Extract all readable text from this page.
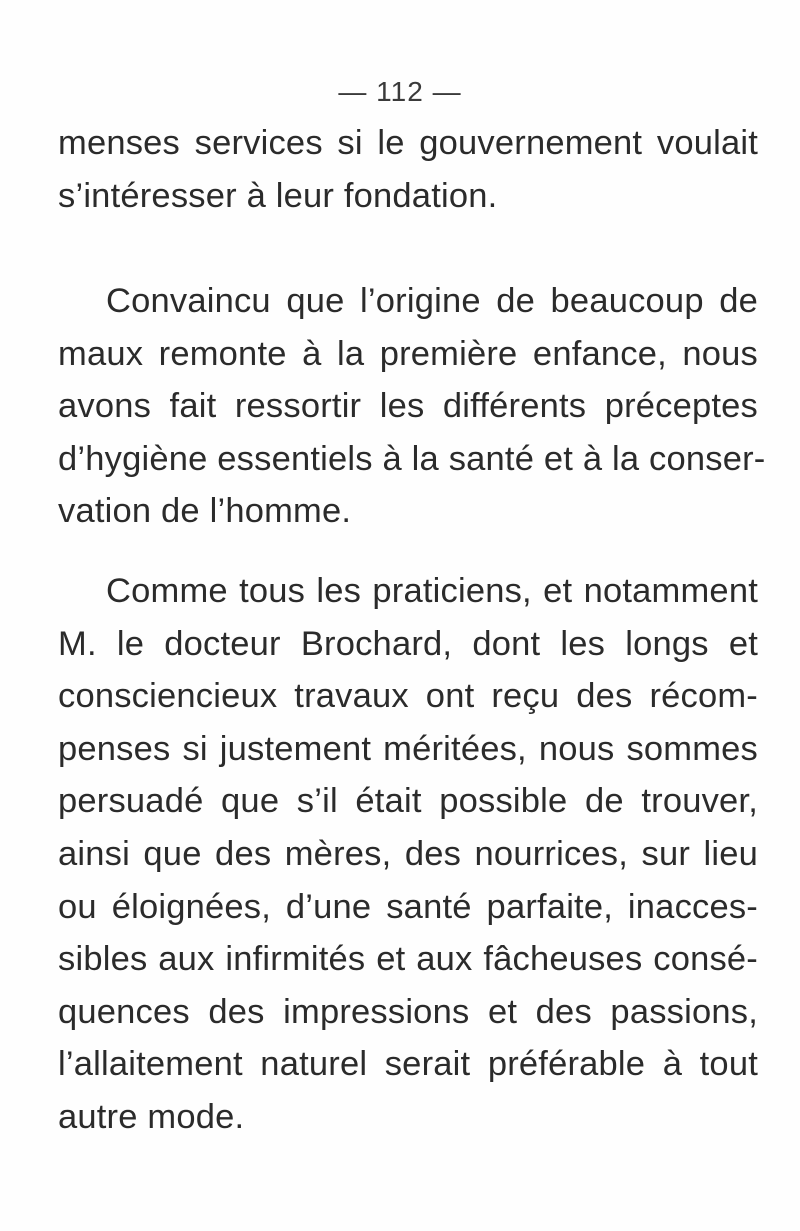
— 112 —
menses services si le gouvernement voulait
s’intéresser à leur fondation.
Convaincu que l’origine de beaucoup de
maux remonte à la première enfance, nous
avons fait ressortir les différents préceptes
d’hygiène essentiels à la santé et à la conser-
vation de l’homme.
Comme tous les praticiens, et notamment
M. le docteur Brochard, dont les longs et
consciencieux travaux ont reçu des récom-
penses si justement méritées, nous sommes
persuadé que s’il était possible de trouver,
ainsi que des mères, des nourrices, sur lieu
ou éloignées, d’une santé parfaite, inacces-
sibles aux infirmités et aux fâcheuses consé-
quences des impressions et des passions,
l’allaitement naturel serait préférable à tout
autre mode.
